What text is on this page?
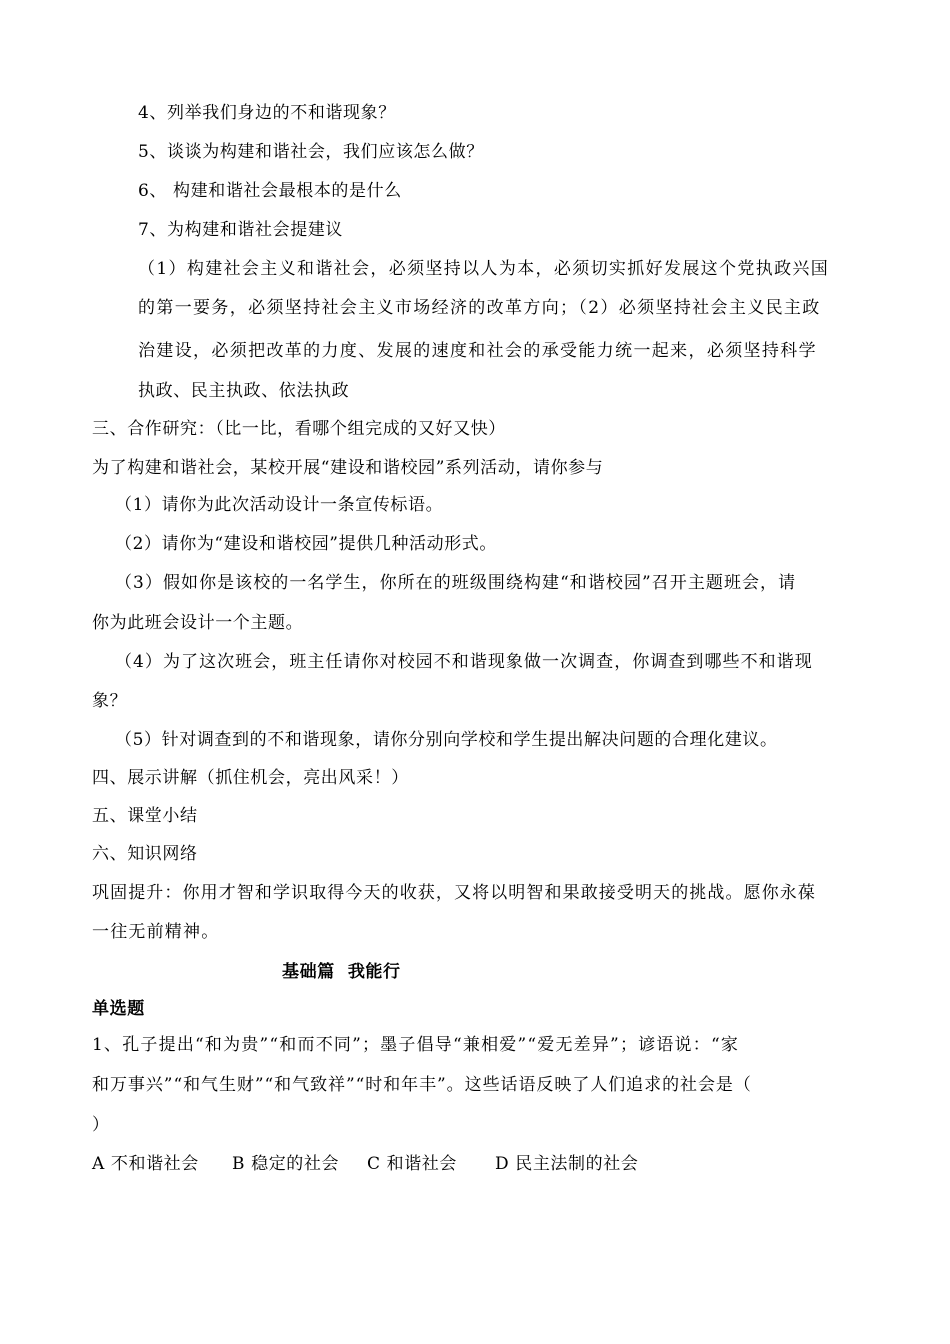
4、列举我们身边的不和谐现象？
5、谈谈为构建和谐社会，我们应该怎么做？
6、 构建和谐社会最根本的是什么
7、为构建和谐社会提建议
（1）构建社会主义和谐社会，必须坚持以人为本，必须切实抓好发展这个党执政兴国
的第一要务，必须坚持社会主义市场经济的改革方向；（2）必须坚持社会主义民主政
治建设，必须把改革的力度、发展的速度和社会的承受能力统一起来，必须坚持科学
执政、民主执政、依法执政
三、合作研究：（比一比，看哪个组完成的又好又快）
为了构建和谐社会，某校开展“建设和谐校园”系列活动，请你参与
（1）请你为此次活动设计一条宣传标语。
（2）请你为“建设和谐校园”提供几种活动形式。
（3）假如你是该校的一名学生，你所在的班级围绕构建“和谐校园”召开主题班会，请
你为此班会设计一个主题。
（4）为了这次班会，班主任请你对校园不和谐现象做一次调查，你调查到哪些不和谐现
象？
（5）针对调查到的不和谐现象，请你分别向学校和学生提出解决问题的合理化建议。
四、展示讲解（抓住机会，亮出风采！）
五、课堂小结
六、知识网络
巩固提升：你用才智和学识取得今天的收获，又将以明智和果敢接受明天的挑战。愿你永葆
一往无前精神。
基础篇  我能行
单选题
1、孔子提出“和为贵”“和而不同”；墨子倡导“兼相爱”“爱无差异”；谚语说：“家
和万事兴”“和气生财”“和气致祥”“时和年丰”。这些话语反映了人们追求的社会是（
）
A 不和谐社会 B 稳定的社会 C 和谐社会 D 民主法制的社会
